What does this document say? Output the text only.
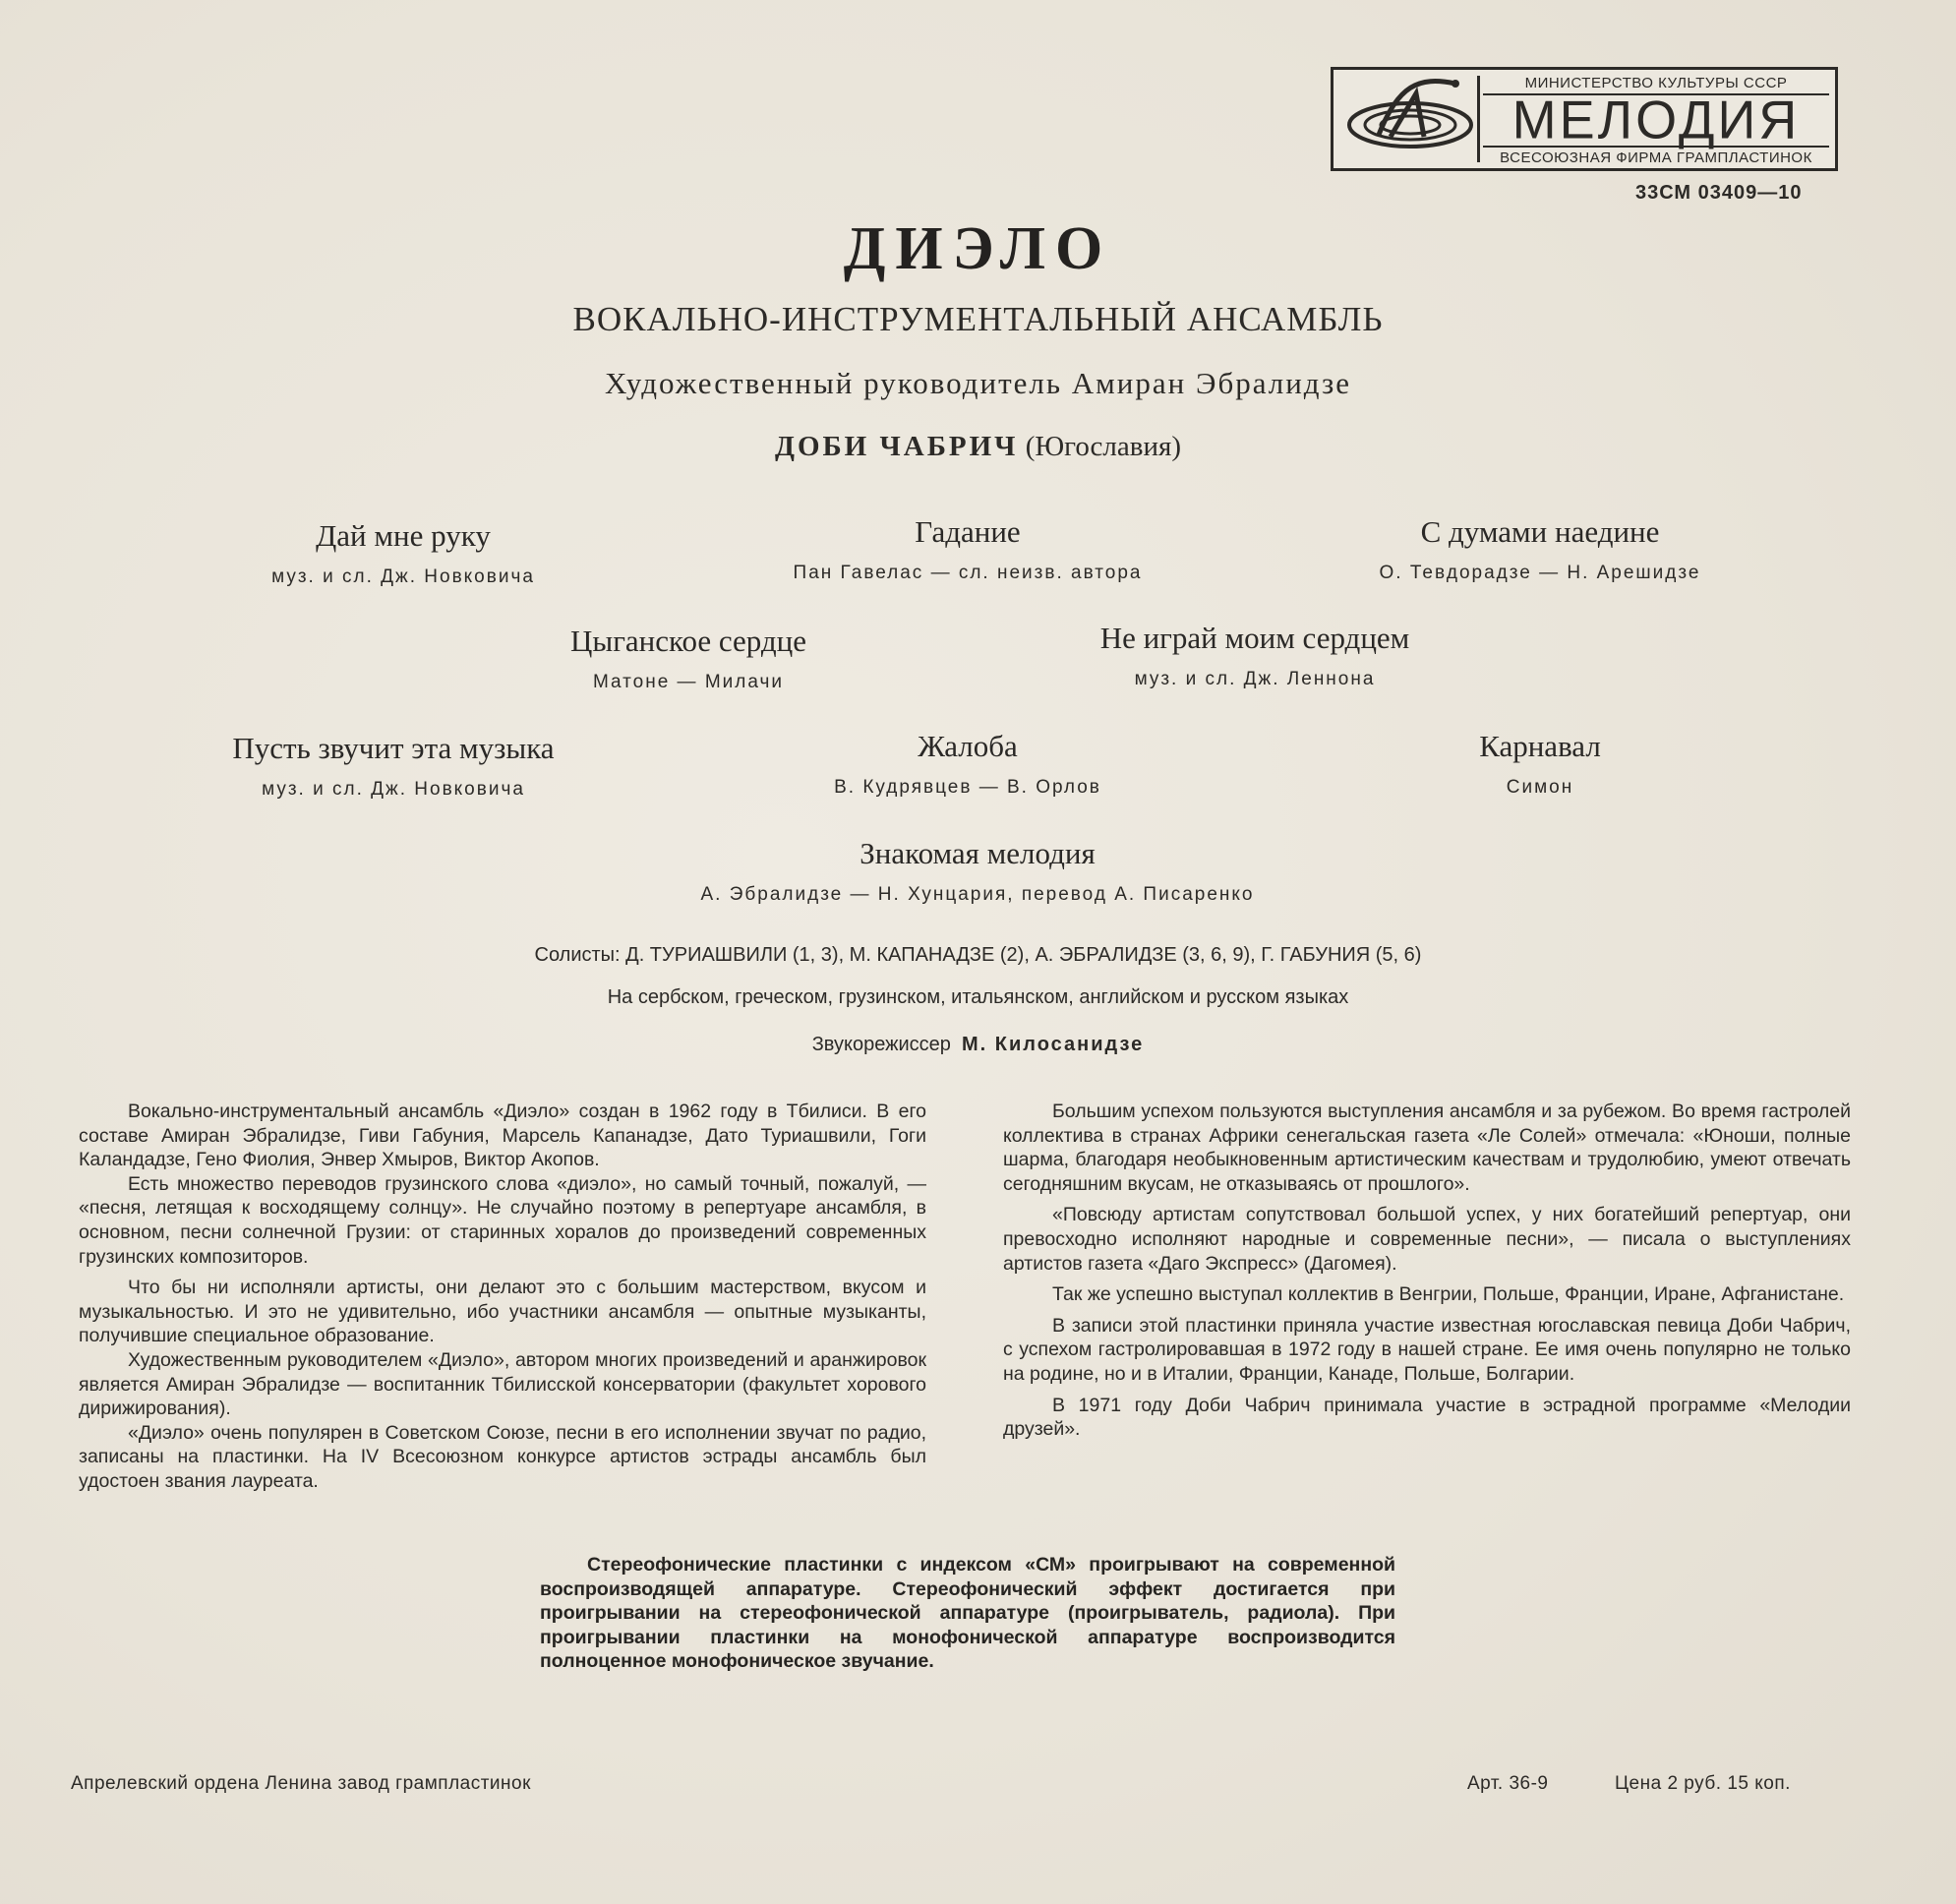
МИНИСТЕРСТВО КУЛЬТУРЫ СССР
МЕЛОДИЯ
ВСЕСОЮЗНАЯ ФИРМА ГРАМПЛАСТИНОК
33СМ 03409—10
ДИЭЛО
ВОКАЛЬНО-ИНСТРУМЕНТАЛЬНЫЙ АНСАМБЛЬ
Художественный руководитель Амиран Эбралидзе
ДОБИ ЧАБРИЧ (Югославия)
Дай мне руку
муз. и сл. Дж. Новковича
Гадание
Пан Гавелас — сл. неизв. автора
С думами наедине
О. Тевдорадзе — Н. Арешидзе
Цыганское сердце
Матоне — Милачи
Не играй моим сердцем
муз. и сл. Дж. Леннона
Пусть звучит эта музыка
муз. и сл. Дж. Новковича
Жалоба
В. Кудрявцев — В. Орлов
Карнавал
Симон
Знакомая мелодия
А. Эбралидзе — Н. Хунцария, перевод А. Писаренко
Солисты: Д. ТУРИАШВИЛИ (1, 3), М. КАПАНАДЗЕ (2), А. ЭБРАЛИДЗЕ (3, 6, 9), Г. ГАБУНИЯ (5, 6)
На сербском, греческом, грузинском, итальянском, английском и русском языках
Звукорежиссер М. Килосанидзе

Вокально-инструментальный ансамбль «Диэло» создан в 1962 году в Тбилиси. В его составе Амиран Эбралидзе, Гиви Габуния, Марсель Капанадзе, Дато Туриашвили, Гоги Каландадзе, Гено Фиолия, Энвер Хмыров, Виктор Акопов.

Есть множество переводов грузинского слова «диэло», но самый точный, пожалуй, — «песня, летящая к восходящему солнцу». Не случайно поэтому в репертуаре ансамбля, в основном, песни солнечной Грузии: от старинных хоралов до произведений современных грузинских композиторов.

Что бы ни исполняли артисты, они делают это с большим мастерством, вкусом и музыкальностью. И это не удивительно, ибо участники ансамбля — опытные музыканты, получившие специальное образование.

Художественным руководителем «Диэло», автором многих произведений и аранжировок является Амиран Эбралидзе — воспитанник Тбилисской консерватории (факультет хорового дирижирования).

«Диэло» очень популярен в Советском Союзе, песни в его исполнении звучат по радио, записаны на пластинки. На IV Всесоюзном конкурсе артистов эстрады ансамбль был удостоен звания лауреата.

Большим успехом пользуются выступления ансамбля и за рубежом. Во время гастролей коллектива в странах Африки сенегальская газета «Ле Солей» отмечала: «Юноши, полные шарма, благодаря необыкновенным артистическим качествам и трудолюбию, умеют отвечать сегодняшним вкусам, не отказываясь от прошлого».

«Повсюду артистам сопутствовал большой успех, у них богатейший репертуар, они превосходно исполняют народные и современные песни», — писала о выступлениях артистов газета «Даго Экспресс» (Дагомея).

Так же успешно выступал коллектив в Венгрии, Польше, Франции, Иране, Афганистане.

В записи этой пластинки приняла участие известная югославская певица Доби Чабрич, с успехом гастролировавшая в 1972 году в нашей стране. Ее имя очень популярно не только на родине, но и в Италии, Франции, Канаде, Польше, Болгарии.

В 1971 году Доби Чабрич принимала участие в эстрадной программе «Мелодии друзей».

Стереофонические пластинки с индексом «СМ» проигрывают на современной воспроизводящей аппаратуре. Стереофонический эффект достигается при проигрывании на стереофонической аппаратуре (проигрыватель, радиола). При проигрывании пластинки на монофонической аппаратуре воспроизводится полноценное монофоническое звучание.
Апрелевский ордена Ленина завод грампластинок	Арт. 36-9	Цена 2 руб. 15 коп.
